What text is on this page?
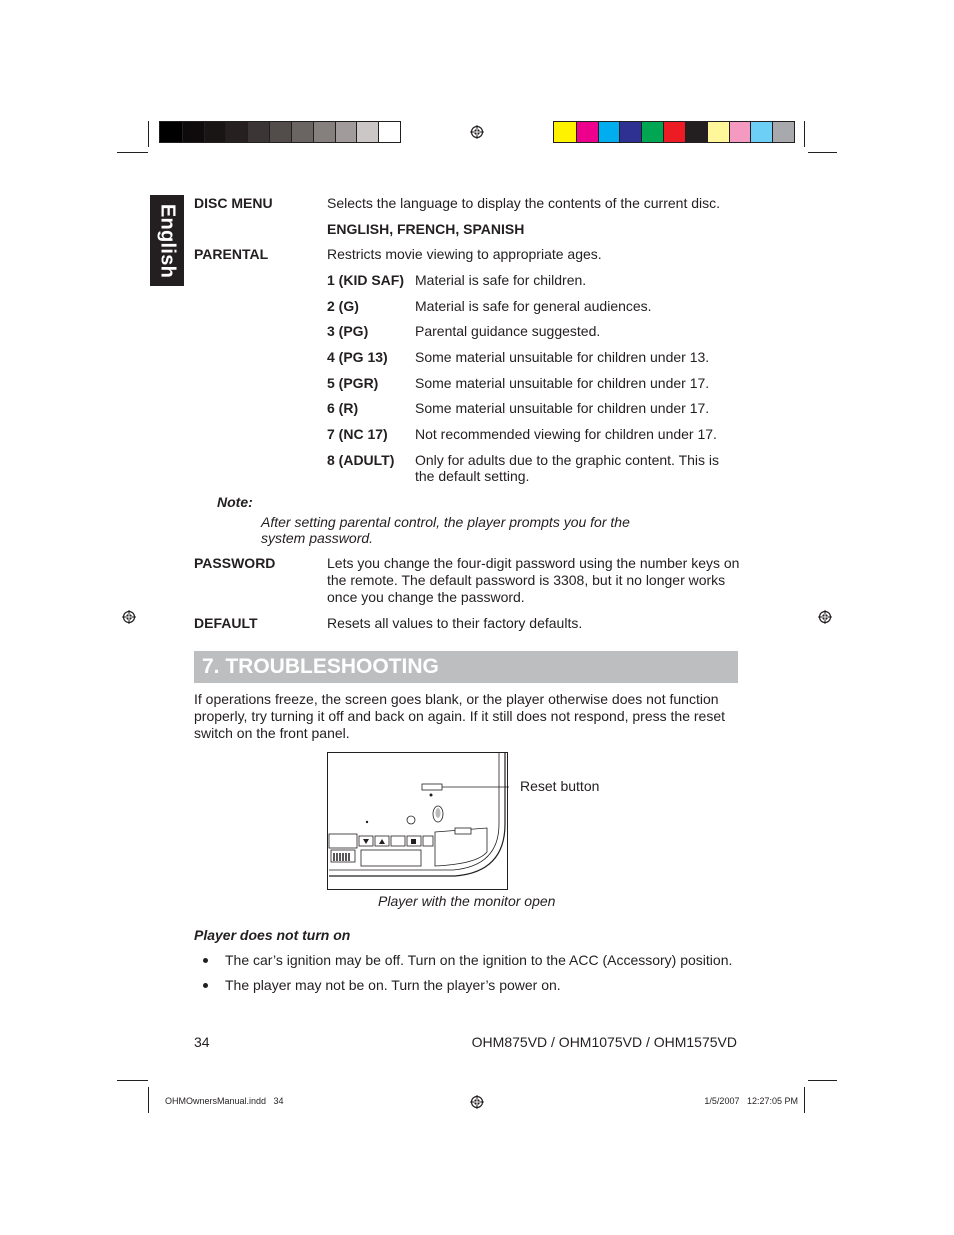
English
DISC MENU	Selects the language to display the contents of the current disc.
ENGLISH, FRENCH, SPANISH
PARENTAL	Restricts movie viewing to appropriate ages.
1 (KID SAF) Material is safe for children.
2 (G)	Material is safe for general audiences.
3 (PG)	Parental guidance suggested.
4 (PG 13) Some material unsuitable for children under 13.
5 (PGR)	Some material unsuitable for children under 17.
6 (R)	Some material unsuitable for children under 17.
7 (NC 17) Not recommended viewing for children under 17.
8 (ADULT) Only for adults due to the graphic content. This is
the default setting.
Note:
After setting parental control, the player prompts you for the
system password.
PASSWORD	Lets you change the four-digit password using the number keys on
the remote. The default password is 3308, but it no longer works
once you change the password.
DEFAULT	Resets all values to their factory defaults.
7. TROUBLESHOOTING
If operations freeze, the screen goes blank, or the player otherwise does not function
properly, try turning it off and back on again. If it still does not respond, press the reset
switch on the front panel.
Reset button
Player with the monitor open
Player does not turn on
The car’s ignition may be off. Turn on the ignition to the ACC (Accessory) position.
The player may not be on. Turn the player’s power on.
34	OHM875VD / OHM1075VD / OHM1575VD
OHMOwnersManual.indd   34	1/5/2007   12:27:05 PM
